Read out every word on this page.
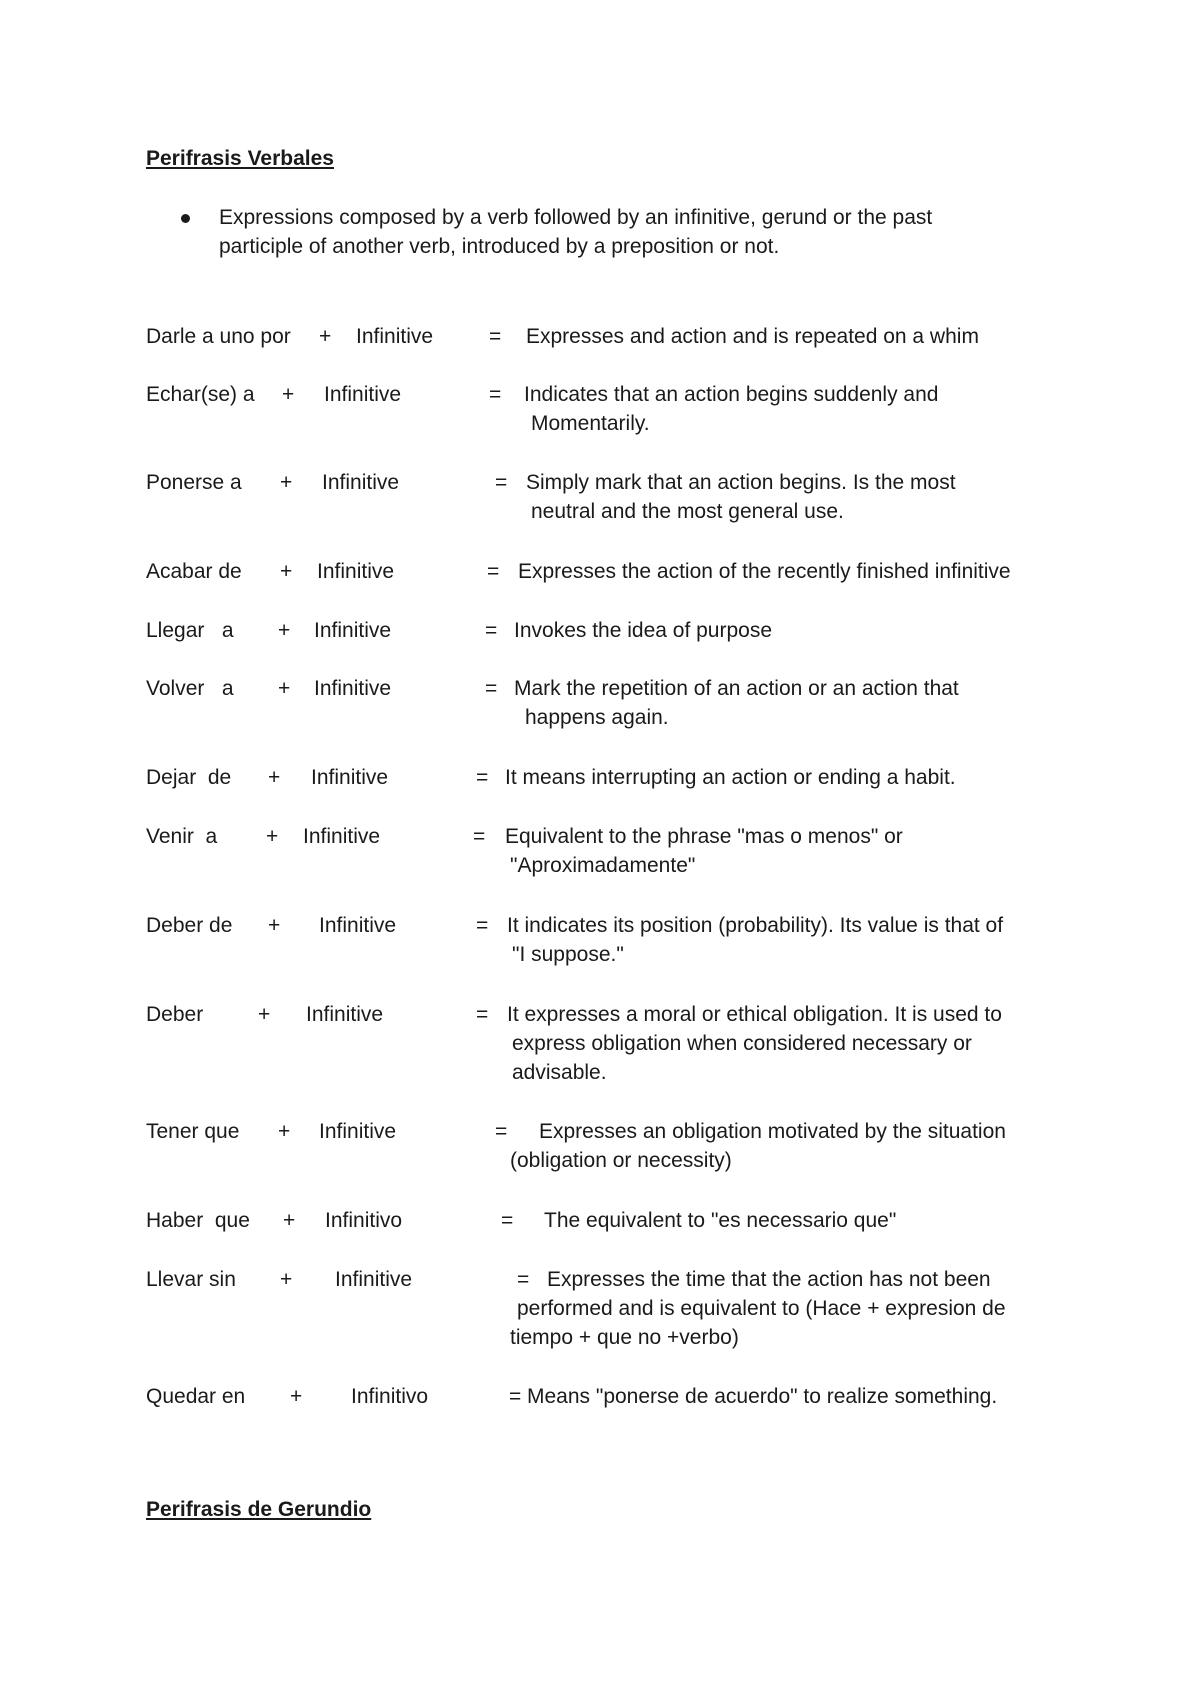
Perifrasis Verbales
Expressions composed by a verb followed by an infinitive, gerund or the past participle of another verb, introduced by a preposition or not.
Darle a uno por + Infinitive	= Expresses and action and is repeated on a whim
Echar(se) a + Infinitive	= Indicates that an action begins suddenly and
Momentarily.
Ponerse a + Infinitive	= Simply mark that an action begins. Is the most
neutral and the most general use.
Acabar de + Infinitive	= Expresses the action of the recently finished infinitive
Llegar   a + Infinitive	= Invokes the idea of purpose
Volver   a + Infinitive	= Mark the repetition of an action or an action that
happens again.
Dejar  de + Infinitive	= It means interrupting an action or ending a habit.
Venir  a + Infinitive	= Equivalent to the phrase "mas o menos" or
"Aproximadamente"
Deber de + Infinitive	= It indicates its position (probability). Its value is that of
"I suppose."
Deber	+ Infinitive	= It expresses a moral or ethical obligation. It is used to
express obligation when considered necessary or
advisable.
Tener que + Infinitive	= Expresses an obligation motivated by the situation
(obligation or necessity)
Haber  que + Infinitivo	= The equivalent to "es necessario que"
Llevar sin + Infinitive	= Expresses the time that the action has not been
performed and is equivalent to (Hace + expresion de
tiempo + que no +verbo)
Quedar en + Infinitivo	= Means "ponerse de acuerdo" to realize something.
Perifrasis de Gerundio
